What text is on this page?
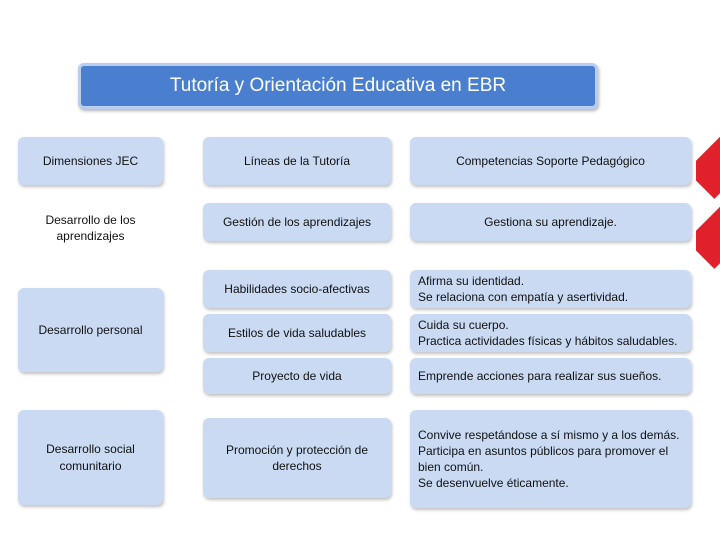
Tutoría y Orientación Educativa en EBR
Dimensiones JEC	Líneas de la Tutoría	Competencias Soporte Pedagógico
Desarrollo de los aprendizajes
Desarrollo personal
Desarrollo social comunitario
Gestión de los aprendizajes
Habilidades socio-afectivas
Estilos de vida saludables
Proyecto de vida
Promoción y protección de derechos
Gestiona su aprendizaje.
Afirma su identidad.
Se relaciona con empatía y asertividad.
Cuida su cuerpo.
Practica actividades físicas y hábitos saludables.
Emprende acciones para realizar sus sueños.
Convive respetándose a sí mismo y a los demás.
Participa en asuntos públicos para promover el bien común.
Se desenvuelve éticamente.
